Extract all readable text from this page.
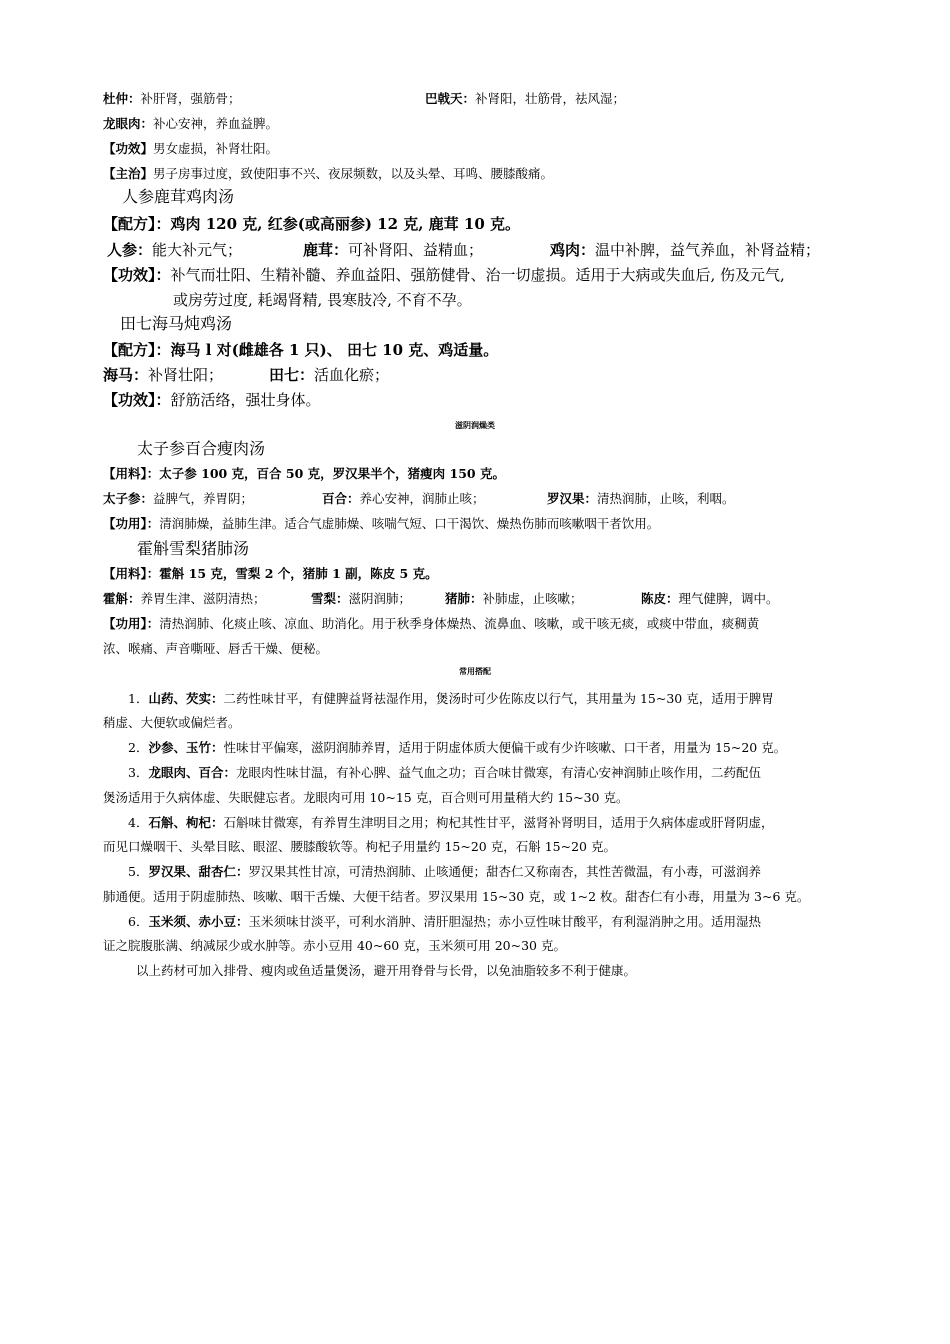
杜仲：补肝肾，强筋骨；	巴戟天：补肾阳，壮筋骨，祛风湿；
龙眼肉：补心安神，养血益脾。
【功效】男女虚损，补肾壮阳。
【主治】男子房事过度，致使阳事不兴、夜尿频数，以及头晕、耳鸣、腰膝酸痛。
人参鹿茸鸡肉汤
【配方】：鸡肉 120 克, 红参(或高丽参) 12 克, 鹿茸 10 克。
人参：能大补元气；	鹿茸：可补肾阳、益精血；	鸡肉：温中补脾，益气养血，补肾益精；
【功效】：补气而壮阳、生精补髓、养血益阳、强筋健骨、治一切虚损。适用于大病或失血后, 伤及元气,
或房劳过度, 耗竭肾精, 畏寒肢冷, 不育不孕。
田七海马炖鸡汤
【配方】：海马 l 对(雌雄各 1 只)、 田七 10 克、鸡适量。
海马：补肾壮阳；	田七：活血化瘀；
【功效】：舒筋活络，强壮身体。
滋阴润燥类
太子参百合瘦肉汤
【用料】：太子参 100 克，百合 50 克，罗汉果半个，猪瘦肉 150 克。
太子参：益脾气，养胃阴；	百合：养心安神，润肺止咳；	罗汉果：清热润肺，止咳，利咽。
【功用】：清润肺燥，益肺生津。适合气虚肺燥、咳喘气短、口干渴饮、燥热伤肺而咳嗽咽干者饮用。
霍斛雪梨猪肺汤
【用料】：霍斛 15 克，雪梨 2 个，猪肺 1 副，陈皮 5 克。
霍斛：养胃生津、滋阴清热；	雪梨：滋阴润肺；	猪肺：补肺虚，止咳嗽；	陈皮：理气健脾，调中。
【功用】：清热润肺、化痰止咳、凉血、助消化。用于秋季身体燥热、流鼻血、咳嗽，或干咳无痰，或痰中带血，痰稠黄
浓、喉痛、声音嘶哑、唇舌干燥、便秘。
常用搭配
1．山药、芡实：二药性味甘平，有健脾益肾祛湿作用，煲汤时可少佐陈皮以行气，其用量为 15~30 克，适用于脾胃
稍虚、大便软或偏烂者。
2．沙参、玉竹：性味甘平偏寒，滋阴润肺养胃，适用于阴虚体质大便偏干或有少许咳嗽、口干者，用量为 15~20 克。
3．龙眼肉、百合：龙眼肉性味甘温，有补心脾、益气血之功；百合味甘微寒，有清心安神润肺止咳作用，二药配伍
煲汤适用于久病体虚、失眠健忘者。龙眼肉可用 10~15 克，百合则可用量稍大约 15~30 克。
4．石斛、枸杞：石斛味甘微寒，有养胃生津明目之用；枸杞其性甘平，滋肾补肾明目，适用于久病体虚或肝肾阴虚，
而见口燥咽干、头晕目眩、眼涩、腰膝酸软等。枸杞子用量约 15~20 克，石斛 15~20 克。
5．罗汉果、甜杏仁：罗汉果其性甘凉，可清热润肺、止咳通便；甜杏仁又称南杏，其性苦微温，有小毒，可滋润养
肺通便。适用于阴虚肺热、咳嗽、咽干舌燥、大便干结者。罗汉果用 15~30 克，或 1~2 枚。甜杏仁有小毒，用量为 3~6 克。
6．玉米须、赤小豆：玉米须味甘淡平，可利水消肿、清肝胆湿热；赤小豆性味甘酸平，有利湿消肿之用。适用湿热
证之脘腹胀满、纳减尿少或水肿等。赤小豆用 40~60 克，玉米须可用 20~30 克。
以上药材可加入排骨、瘦肉或鱼适量煲汤，避开用脊骨与长骨，以免油脂较多不利于健康。
